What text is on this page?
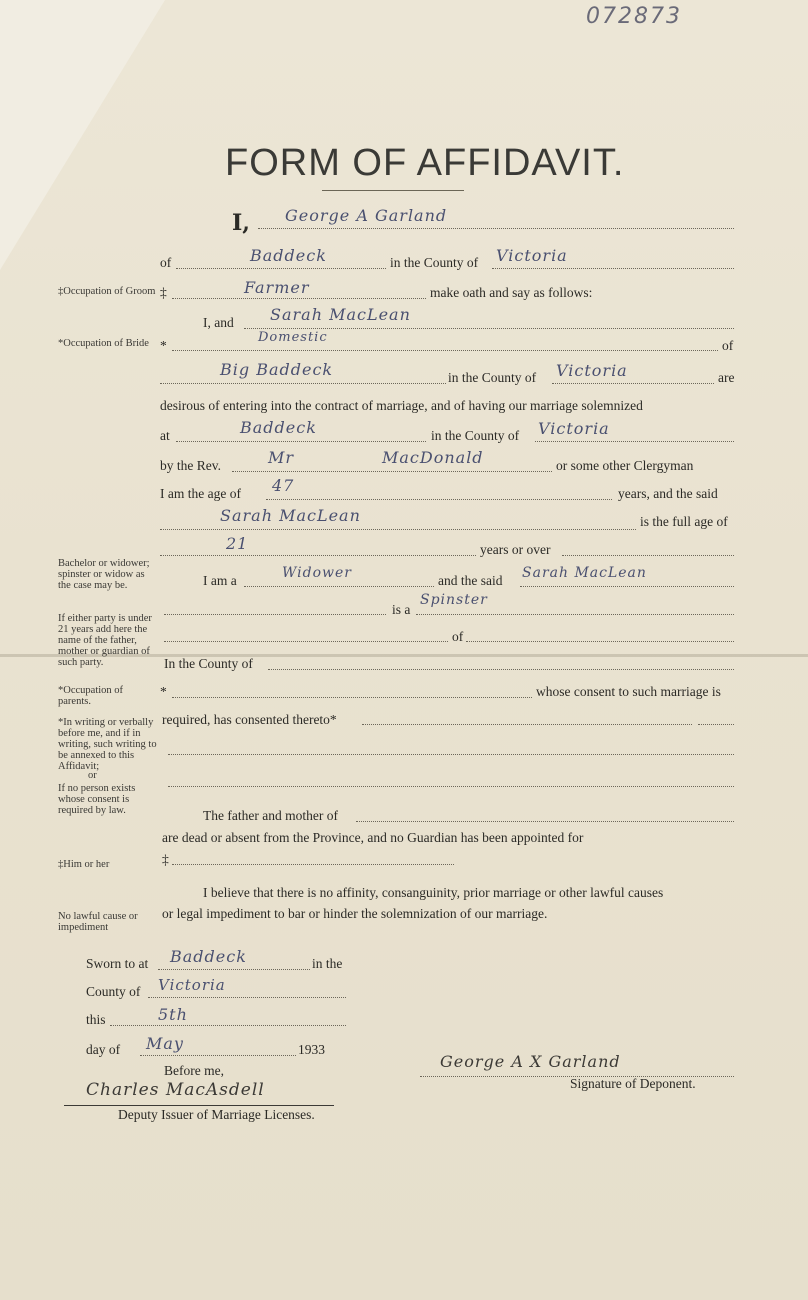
072873
FORM OF AFFIDAVIT.
‡Occupation of Groom
*Occupation of Bride
Bachelor or widower; spinster or widow as the case may be.
If either party is under 21 years add here the name of the father, mother or guardian of such party.
*Occupation of parents.
*In writing or verbally before me, and if in writing, such writing to be annexed to this Affidavit;
or
If no person exists whose consent is required by law.
‡Him or her
No lawful cause or impediment
I, George A Garland
of	Baddeck	in the County of Victoria
‡	Farmer	make oath and say as follows:
I, and Sarah MacLean
*
Domestic
of
Big Baddeck	in the County of Victoria	are
desirous of entering into the contract of marriage, and of having our marriage solemnized
at	Baddeck	in the County of Victoria
by the Rev.	Mr	MacDonald	or some other Clergyman
I am the age of 47	years, and the said
Sarah MacLean	is the full age of
21	years or over
I am a	Widower	and the said Sarah MacLean
is a
Spinster
of
In the County of
*	whose consent to such marriage is
required, has consented thereto*
The father and mother of
are dead or absent from the Province, and no Guardian has been appointed for
‡
I believe that there is no affinity, consanguinity, prior marriage or other lawful causes
or legal impediment to bar or hinder the solemnization of our marriage.
Sworn to at Baddeck	in the
County of Victoria
this	5th
day of May	1933
Before me,
Charles MacAsdell
Deputy Issuer of Marriage Licenses.
George A X Garland
Signature of Deponent.
